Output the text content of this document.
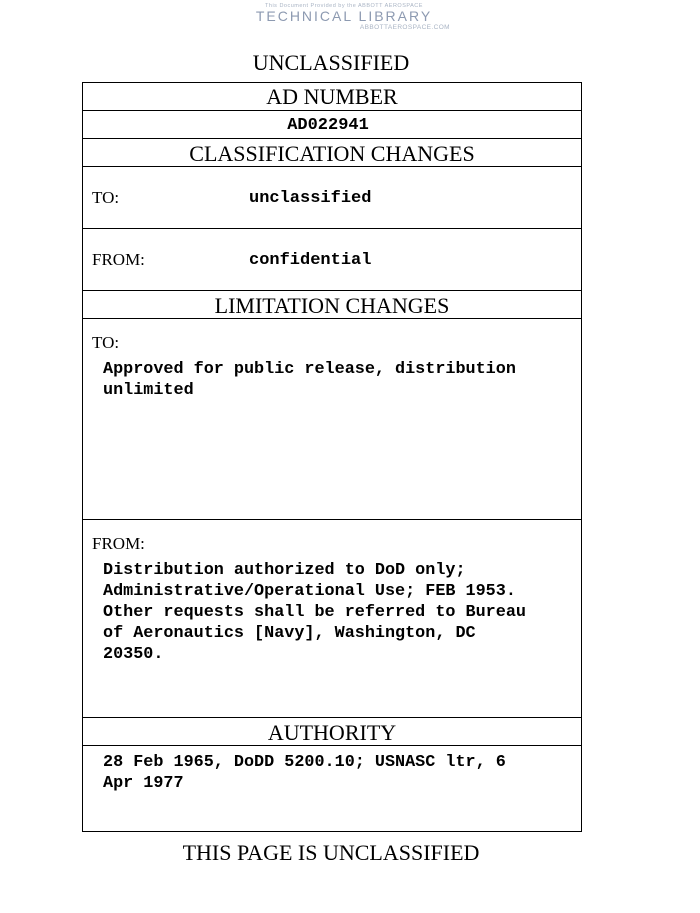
This Document Provided by the ABBOTT AEROSPACE
TECHNICAL LIBRARY
ABBOTTAEROSPACE.COM
UNCLASSIFIED
AD NUMBER
AD022941
CLASSIFICATION CHANGES
TO:	unclassified
FROM:	confidential
LIMITATION CHANGES
TO:
Approved for public release, distribution
unlimited
FROM:
Distribution authorized to DoD only;
Administrative/Operational Use; FEB 1953.
Other requests shall be referred to Bureau
of Aeronautics [Navy], Washington, DC
20350.
AUTHORITY
28 Feb 1965, DoDD 5200.10; USNASC ltr, 6
Apr 1977
THIS PAGE IS UNCLASSIFIED
